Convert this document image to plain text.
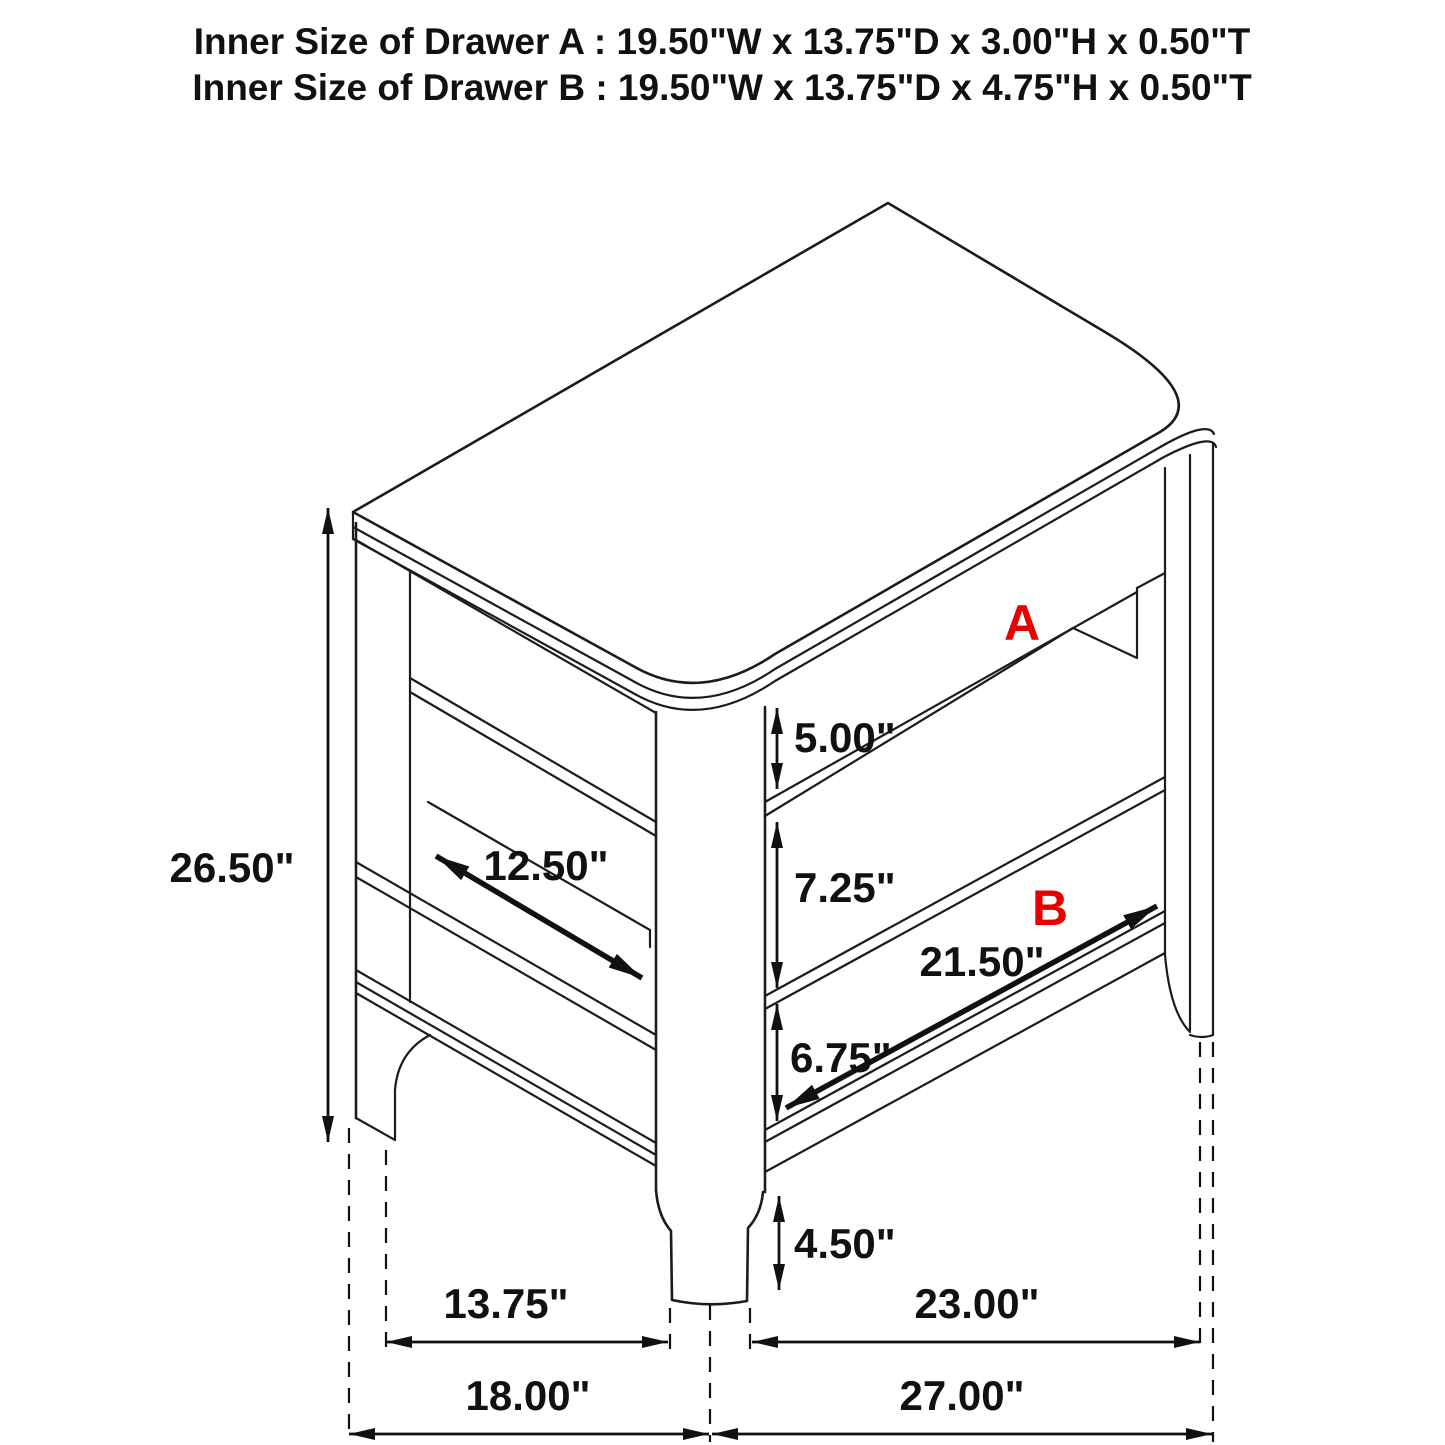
Inner Size of Drawer A : 19.50"W x 13.75"D x 3.00"H x 0.50"T
Inner Size of Drawer B : 19.50"W x 13.75"D x 4.75"H x 0.50"T
A
B
26.50"	12.50"
5.00"
7.25"
21.50"
6.75"
4.50"
13.75"
18.00"
23.00"
27.00"
